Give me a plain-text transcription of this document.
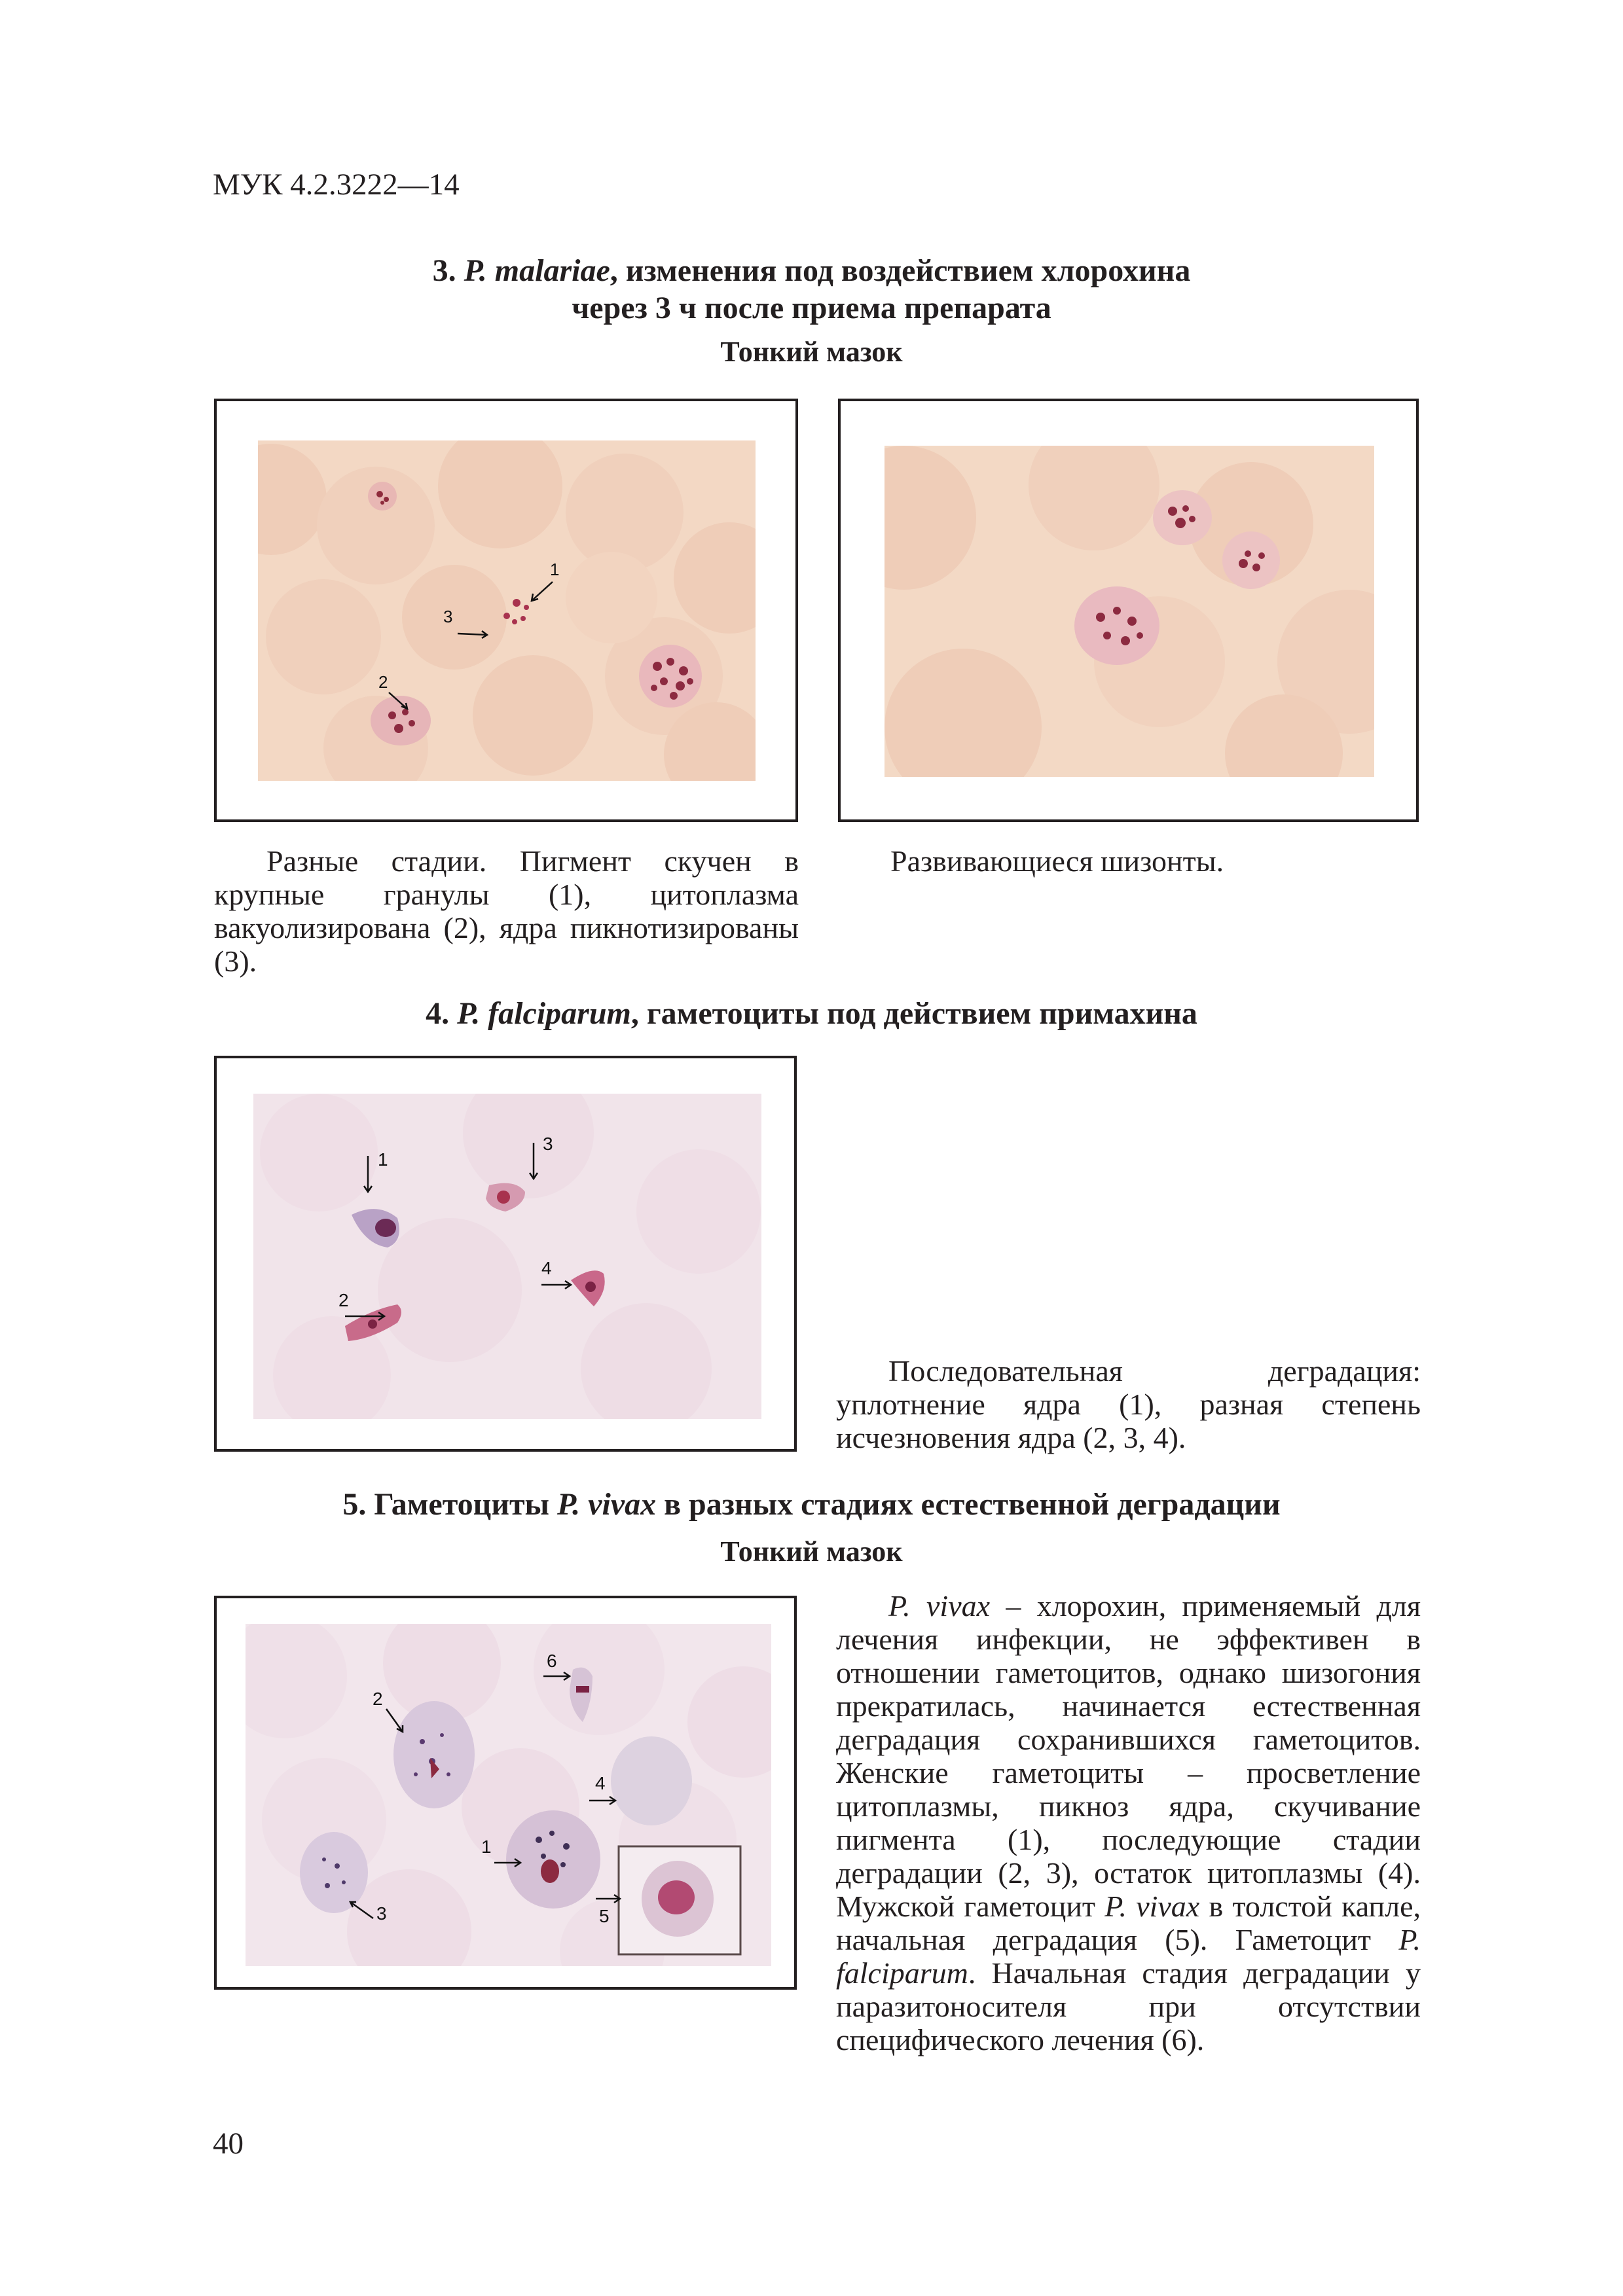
МУК 4.2.3222—14
3. P. malariae, изменения под воздействием хлорохина
через 3 ч после приема препарата
Тонкий мазок
1
2
3

Разные стадии. Пигмент скучен в крупные гранулы (1), цитоплазма вакуолизирована (2), ядра пикнотизированы (3).

Развивающиеся шизонты.

4. P. falciparum, гаметоциты под действием примахина
1
2
3
4

Последовательная деградация: уплотнение ядра (1), разная степень исчезновения ядра (2, 3, 4).

5. Гаметоциты P. vivax в разных стадиях естественной деградации
Тонкий мазок
6
2
4
1
3	5

P. vivax – хлорохин, применяемый для лечения инфекции, не эффективен в отношении гаметоцитов, однако шизогония прекратилась, начинается естественная деградация сохранившихся гаметоцитов. Женские гаметоциты – просветление цитоплазмы, пикноз ядра, скучивание пигмента (1), последующие стадии деградации (2, 3), остаток цитоплазмы (4). Мужской гаметоцит P. vivax в толстой капле, начальная деградация (5). Гаметоцит P. falciparum. Начальная стадия деградации у паразитоносителя при отсутствии специфического лечения (6).

40
